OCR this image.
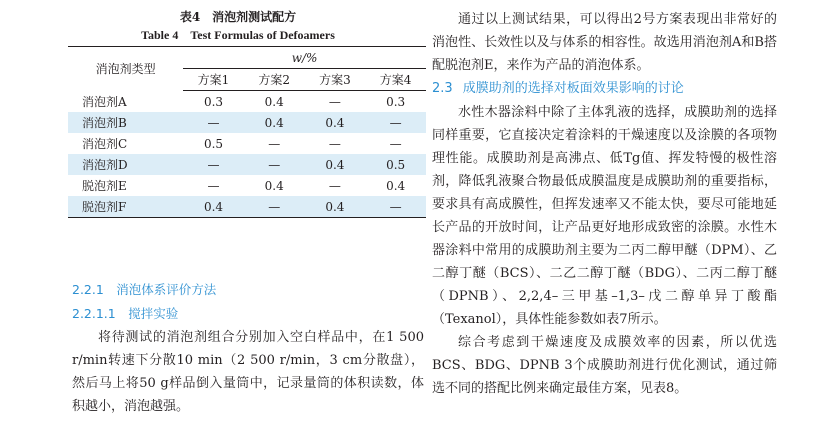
表4　消泡剂测试配方
Table 4　Test Formulas of Defoamers
消泡剂类型	w/%			
	方案1	方案2	方案3	方案4
消泡剂A	0.3	0.4	—	0.3
消泡剂B	—	0.4	0.4	—
消泡剂C	0.5	—	—	—
消泡剂D	—	—	0.4	0.5
脱泡剂E	—	0.4	—	0.4
脱泡剂F	0.4	—	0.4	—
2.2.1　消泡体系评价方法
2.2.1.1　搅拌实验

将待测试的消泡剂组合分别加入空白样品中，在1 500 r/min转速下分散10 min（2 500 r/min，3 cm分散盘），然后马上将50 g样品倒入量筒中，记录量筒的体积读数，体积越小，消泡越强。

通过以上测试结果，可以得出2号方案表现出非常好的消泡性、长效性以及与体系的相容性。故选用消泡剂A和B搭配脱泡剂E，来作为产品的消泡体系。

2.3 成膜助剂的选择对板面效果影响的讨论

水性木器涂料中除了主体乳液的选择，成膜助剂的选择同样重要，它直接决定着涂料的干燥速度以及涂膜的各项物理性能。成膜助剂是高沸点、低Tg值、挥发特慢的极性溶剂，降低乳液聚合物最低成膜温度是成膜助剂的重要指标，要求具有高成膜性，但挥发速率又不能太快，要尽可能地延长产品的开放时间，让产品更好地形成致密的涂膜。水性木器涂料中常用的成膜助剂主要为二丙二醇甲醚（DPM）、乙二醇丁醚（BCS）、二乙二醇丁醚（BDG）、二丙二醇丁醚（DPNB）、2,2,4–三甲基–1,3–戊二醇单异丁酸酯（Texanol），具体性能参数如表7所示。

综合考虑到干燥速度及成膜效率的因素，所以优选BCS、BDG、DPNB 3个成膜助剂进行优化测试，通过筛选不同的搭配比例来确定最佳方案，见表8。
